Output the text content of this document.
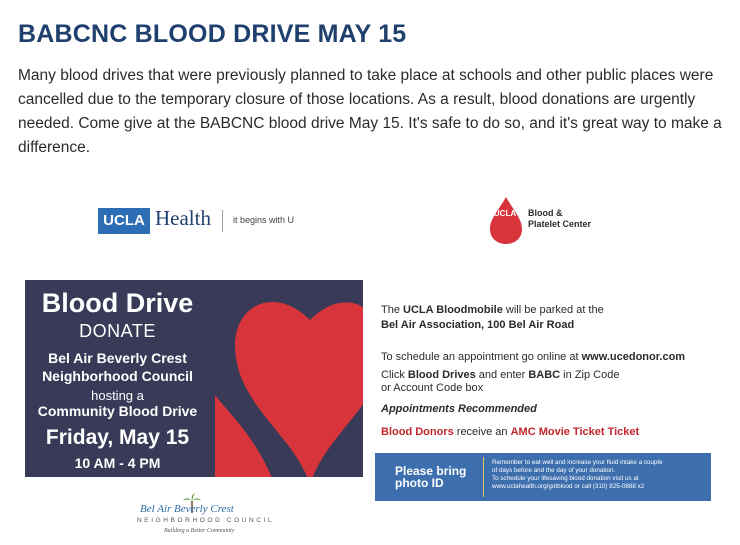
BABCNC BLOOD DRIVE MAY 15
Many blood drives that were previously planned to take place at schools and other public places were cancelled due to the temporary closure of those locations. As a result, blood donations are urgently needed. Come give at the BABCNC blood drive May 15. It's safe to do so, and it's great way to make a difference.
UCLA Health it begins with U
UCLA Blood &
Platelet Center
Blood Drive
DONATE
Bel Air Beverly Crest
Neighborhood Council
hosting a
Community Blood Drive
Friday, May 15
10 AM - 4 PM
The UCLA Bloodmobile will be parked at the
Bel Air Association, 100 Bel Air Road
To schedule an appointment go online at www.ucedonor.com
Click Blood Drives and enter BABC in Zip Code
or Account Code box
Appointments Recommended
Blood Donors receive an AMC Movie Ticket Ticket
Please bring
photo ID
Remember to eat well and increase your fluid intake a couple
of days before and the day of your donation.
To schedule your lifesaving blood donation visit us at
www.uclahealth.org/gotblood or call (310) 825-0888 x2
Bel Air Beverly Crest
NEIGHBORHOOD COUNCIL
Building a Better Community
